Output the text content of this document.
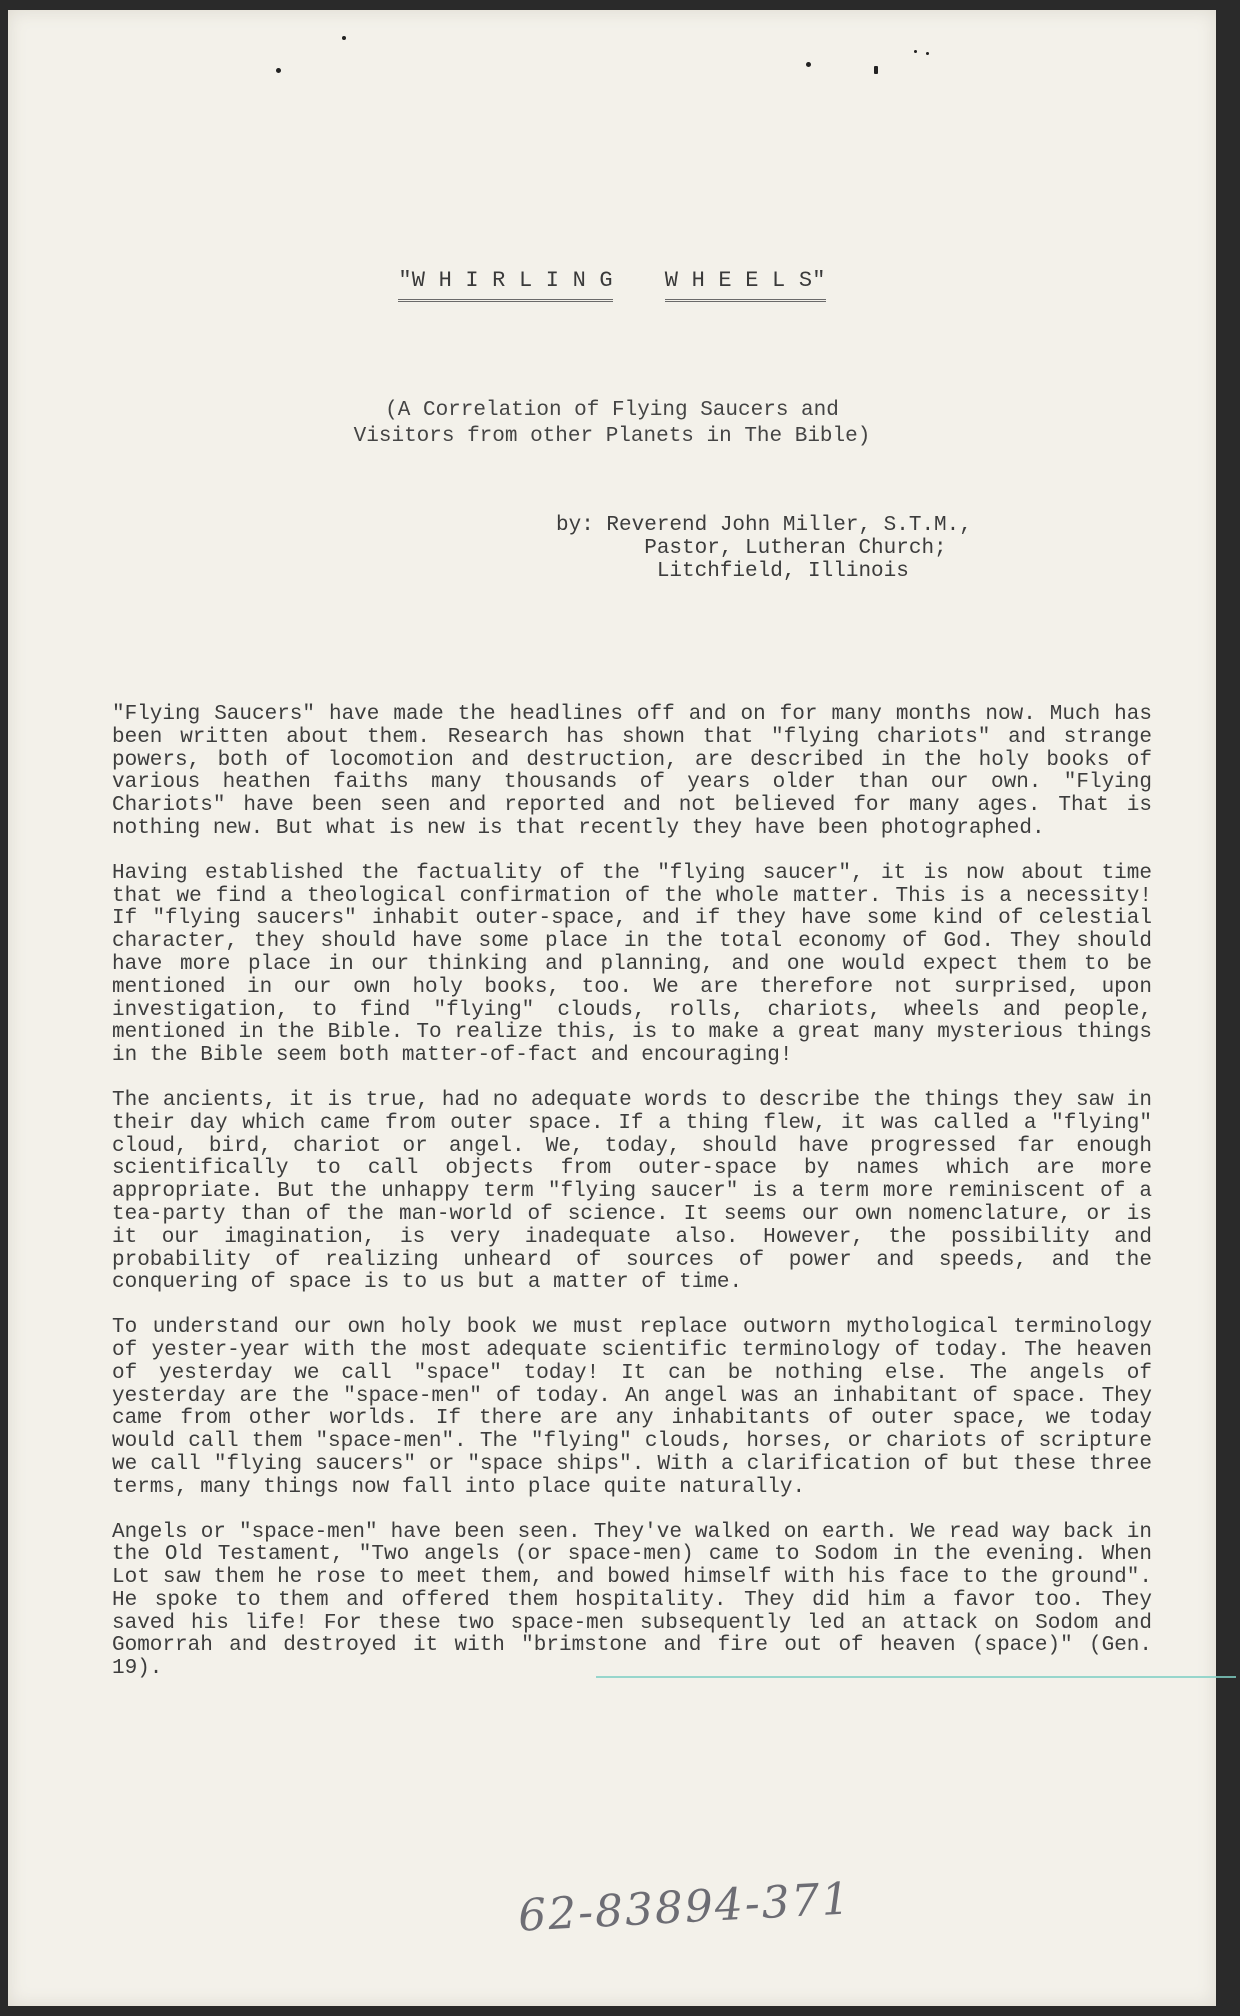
"W H I R L I N G W H E E L S"
(A Correlation of Flying Saucers and
Visitors from other Planets in The Bible)
by: Reverend John Miller, S.T.M.,
Pastor, Lutheran Church;
Litchfield, Illinois

"Flying Saucers" have made the headlines off and on for many months now. Much has been written about them. Research has shown that "flying chariots" and strange powers, both of locomotion and destruction, are described in the holy books of various heathen faiths many thousands of years older than our own. "Flying Chariots" have been seen and reported and not believed for many ages. That is nothing new. But what is new is that recently they have been photographed.

Having established the factuality of the "flying saucer", it is now about time that we find a theological confirmation of the whole matter. This is a necessity! If "flying saucers" inhabit outer-space, and if they have some kind of celestial character, they should have some place in the total economy of God. They should have more place in our thinking and planning, and one would expect them to be mentioned in our own holy books, too. We are therefore not surprised, upon investigation, to find "flying" clouds, rolls, chariots, wheels and people, mentioned in the Bible. To realize this, is to make a great many mysterious things in the Bible seem both matter-of-fact and encouraging!

The ancients, it is true, had no adequate words to describe the things they saw in their day which came from outer space. If a thing flew, it was called a "flying" cloud, bird, chariot or angel. We, today, should have progressed far enough scientifically to call objects from outer-space by names which are more appropriate. But the unhappy term "flying saucer" is a term more reminiscent of a tea-party than of the man-world of science. It seems our own nomenclature, or is it our imagination, is very inadequate also. However, the possibility and probability of realizing unheard of sources of power and speeds, and the conquering of space is to us but a matter of time.

To understand our own holy book we must replace outworn mythological terminology of yester-year with the most adequate scientific terminology of today. The heaven of yesterday we call "space" today! It can be nothing else. The angels of yesterday are the "space-men" of today. An angel was an inhabitant of space. They came from other worlds. If there are any inhabitants of outer space, we today would call them "space-men". The "flying" clouds, horses, or chariots of scripture we call "flying saucers" or "space ships". With a clarification of but these three terms, many things now fall into place quite naturally.

Angels or "space-men" have been seen. They've walked on earth. We read way back in the Old Testament, "Two angels (or space-men) came to Sodom in the evening. When Lot saw them he rose to meet them, and bowed himself with his face to the ground". He spoke to them and offered them hospitality. They did him a favor too. They saved his life! For these two space-men subsequently led an attack on Sodom and Gomorrah and destroyed it with "brimstone and fire out of heaven (space)" (Gen. 19).

62-83894-371
